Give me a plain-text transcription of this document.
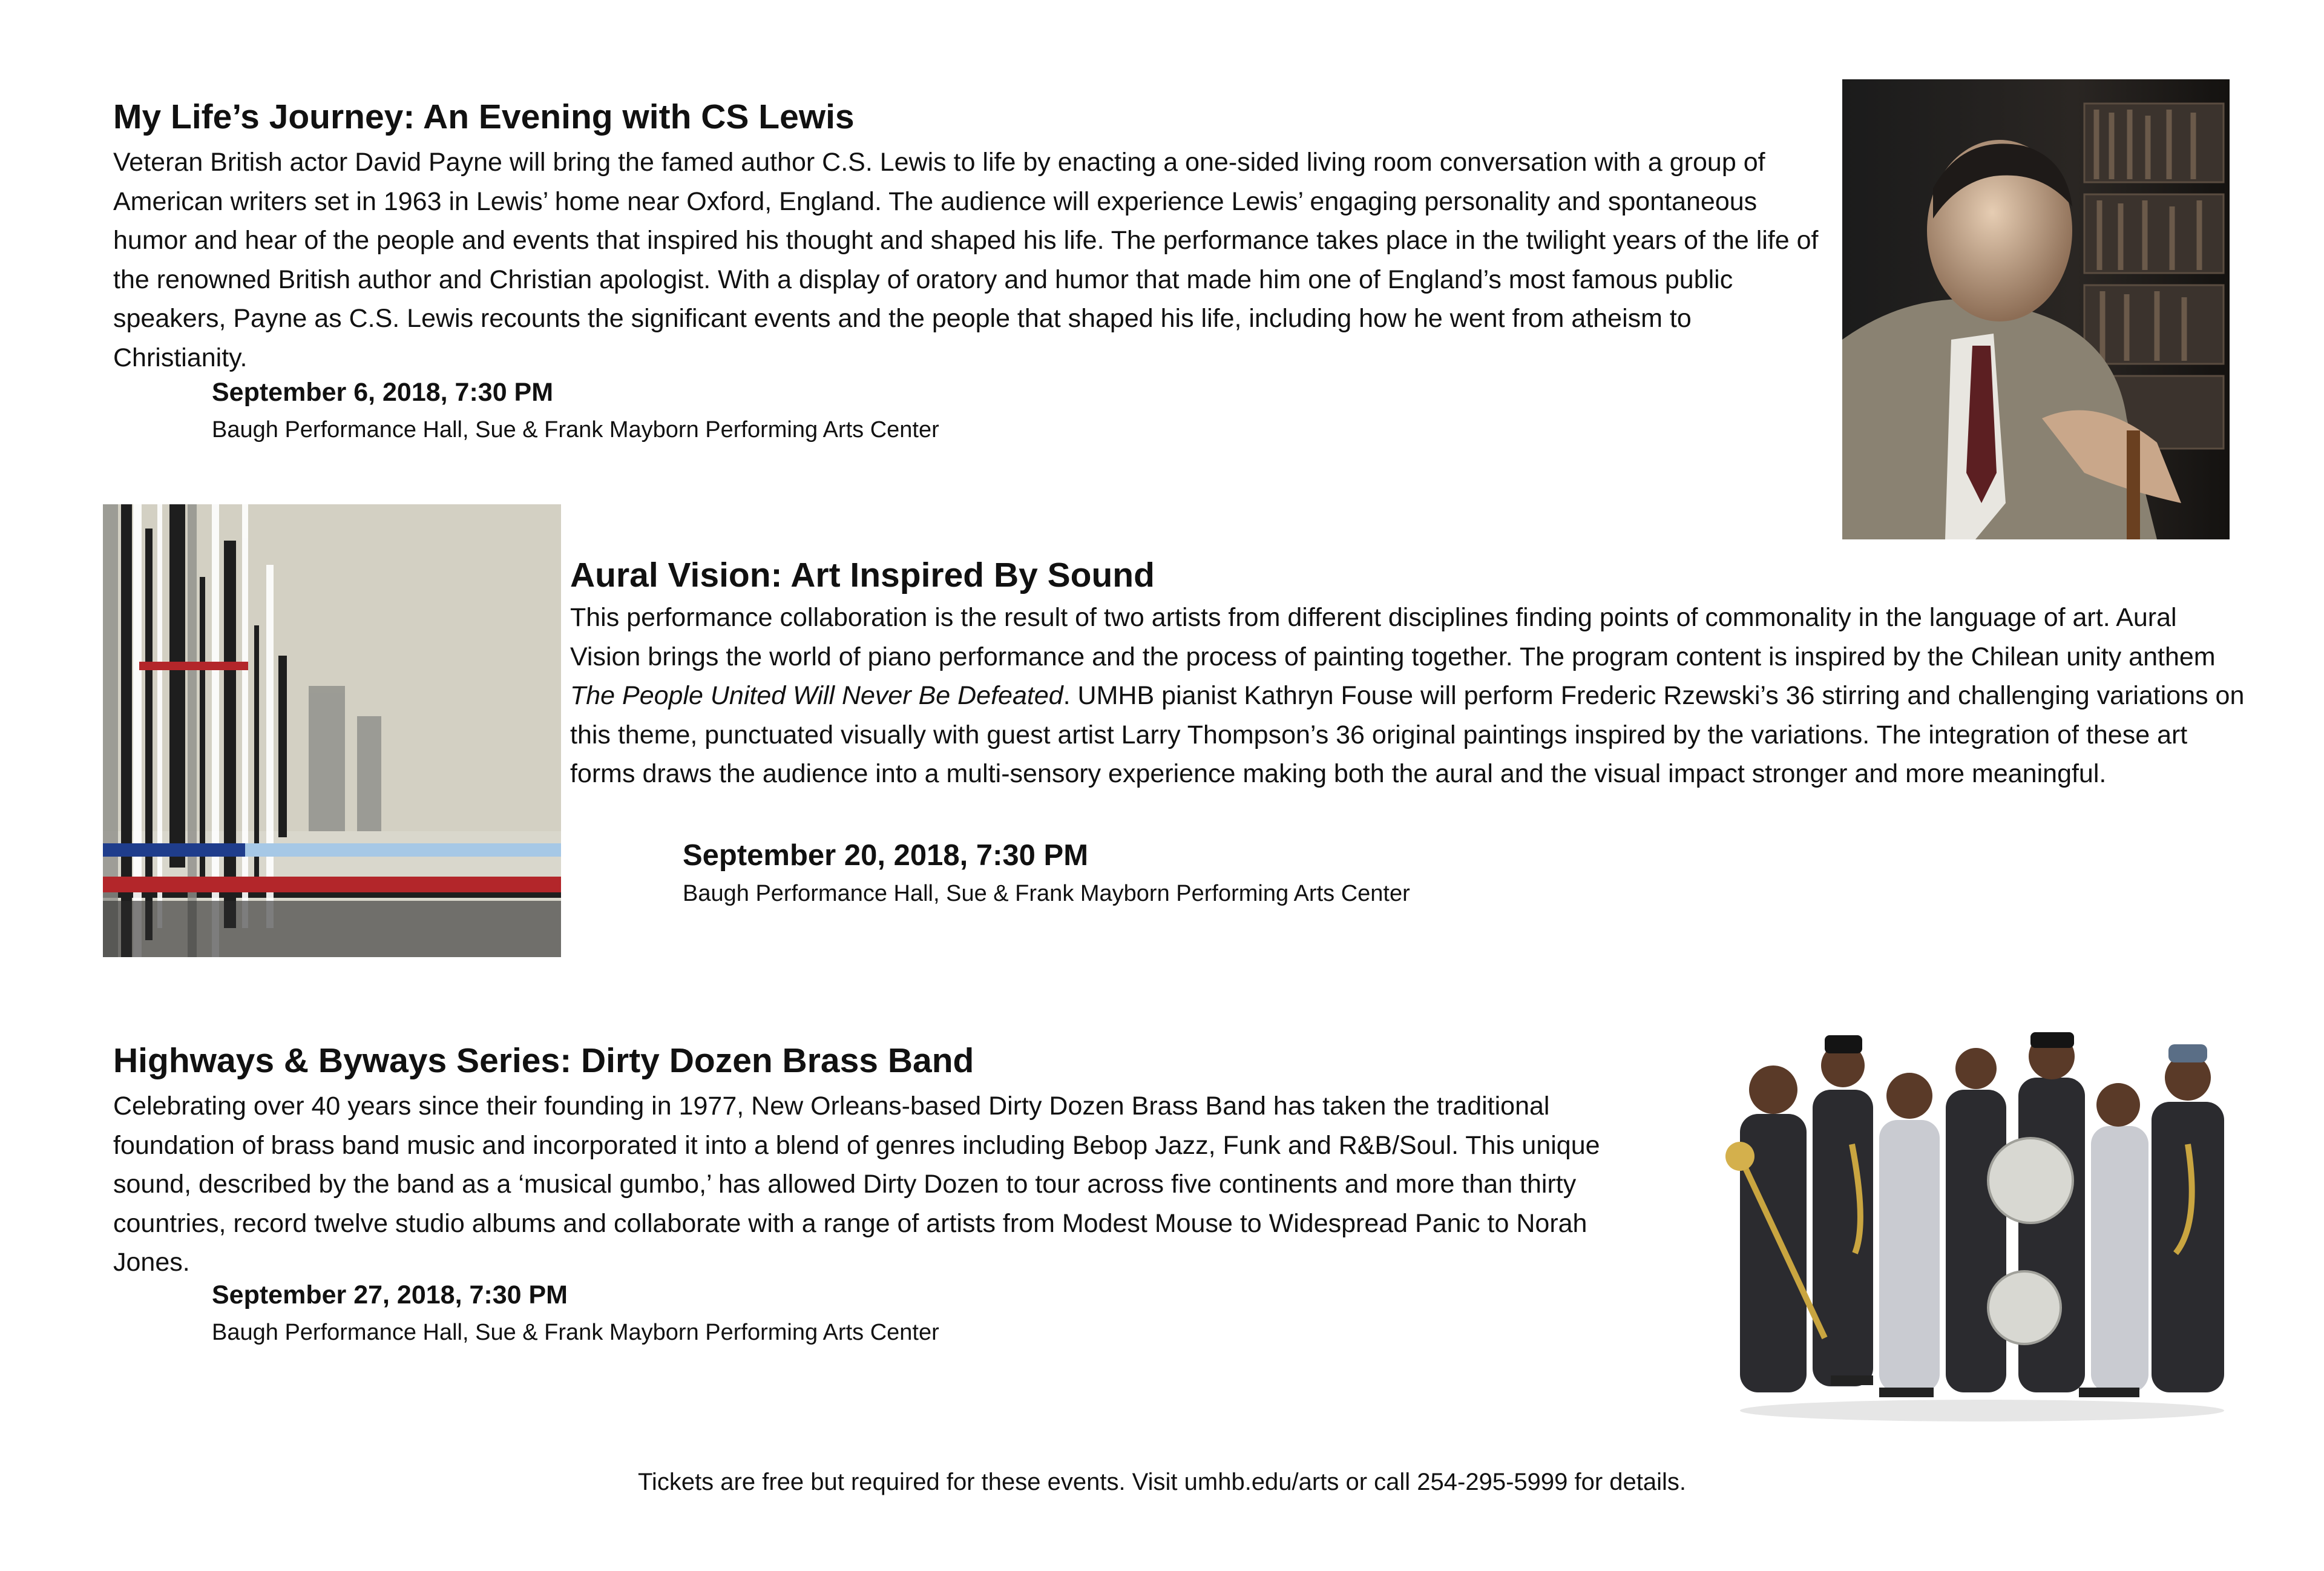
My Life’s Journey: An Evening with CS Lewis

Veteran British actor David Payne will bring the famed author C.S. Lewis to life by enacting a one-sided living room conversation with a group of American writers set in 1963 in Lewis’ home near Oxford, England. The audience will experience Lewis’ engaging personality and spontaneous humor and hear of the people and events that inspired his thought and shaped his life. The performance takes place in the twilight years of the life of the renowned British author and Christian apologist. With a display of oratory and humor that made him one of England’s most famous public speakers, Payne as C.S. Lewis recounts the significant events and the people that shaped his life, including how he went from atheism to Christianity.

September 6, 2018, 7:30 PM

Baugh Performance Hall, Sue & Frank Mayborn Performing Arts Center

Aural Vision: Art Inspired By Sound

This performance collaboration is the result of two artists from different disciplines finding points of commonality in the language of art. Aural Vision brings the world of piano performance and the process of painting together. The program content is inspired by the Chilean unity anthem The People United Will Never Be Defeated. UMHB pianist Kathryn Fouse will perform Frederic Rzewski’s 36 stirring and challenging variations on this theme, punctuated visually with guest artist Larry Thompson’s 36 original paintings inspired by the variations. The integration of these art forms draws the audience into a multi-sensory experience making both the aural and the visual impact stronger and more meaningful.

September 20, 2018, 7:30 PM

Baugh Performance Hall, Sue & Frank Mayborn Performing Arts Center

Highways & Byways Series: Dirty Dozen Brass Band

Celebrating over 40 years since their founding in 1977, New Orleans-based Dirty Dozen Brass Band has taken the traditional foundation of brass band music and incorporated it into a blend of genres including Bebop Jazz, Funk and R&B/Soul. This unique sound, described by the band as a ‘musical gumbo,’ has allowed Dirty Dozen to tour across five continents and more than thirty countries, record twelve studio albums and collaborate with a range of artists from Modest Mouse to Widespread Panic to Norah Jones.

September 27, 2018, 7:30 PM

Baugh Performance Hall, Sue & Frank Mayborn Performing Arts Center

Tickets are free but required for these events. Visit umhb.edu/arts or call 254-295-5999 for details.
